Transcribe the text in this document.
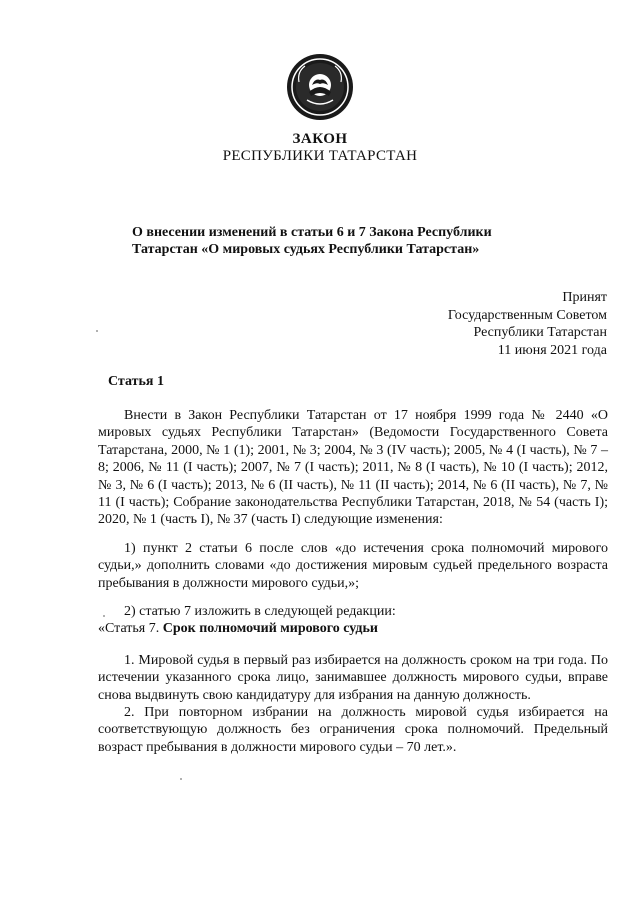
ЗАКОН
РЕСПУБЛИКИ ТАТАРСТАН
О внесении изменений в статьи 6 и 7 Закона Республики
Татарстан «О мировых судьях Республики Татарстан»
Принят
Государственным Советом
Республики Татарстан
11 июня 2021 года
Статья 1

Внести в Закон Республики Татарстан от 17 ноября 1999 года № 2440 «О мировых судьях Республики Татарстан» (Ведомости Государственного Совета Татарстана, 2000, № 1 (1); 2001, № 3; 2004, № 3 (IV часть); 2005, № 4 (I часть), № 7 – 8; 2006, № 11 (I часть); 2007, № 7 (I часть); 2011, № 8 (I часть), № 10 (I часть); 2012, № 3, № 6 (I часть); 2013, № 6 (II часть), № 11 (II часть); 2014, № 6 (II часть), № 7, № 11 (I часть); Собрание законодательства Республики Татарстан, 2018, № 54 (часть I); 2020, № 1 (часть I), № 37 (часть I) следующие изменения:

1) пункт 2 статьи 6 после слов «до истечения срока полномочий мирового судьи,» дополнить словами «до достижения мировым судьей предельного возраста пребывания в должности мирового судьи,»;

2) статью 7 изложить в следующей редакции:

«Статья 7. Срок полномочий мирового судьи

1. Мировой судья в первый раз избирается на должность сроком на три года. По истечении указанного срока лицо, занимавшее должность мирового судьи, вправе снова выдвинуть свою кандидатуру для избрания на данную должность.

2. При повторном избрании на должность мировой судья избирается на соответствующую должность без ограничения срока полномочий. Предельный возраст пребывания в должности мирового судьи – 70 лет.».
